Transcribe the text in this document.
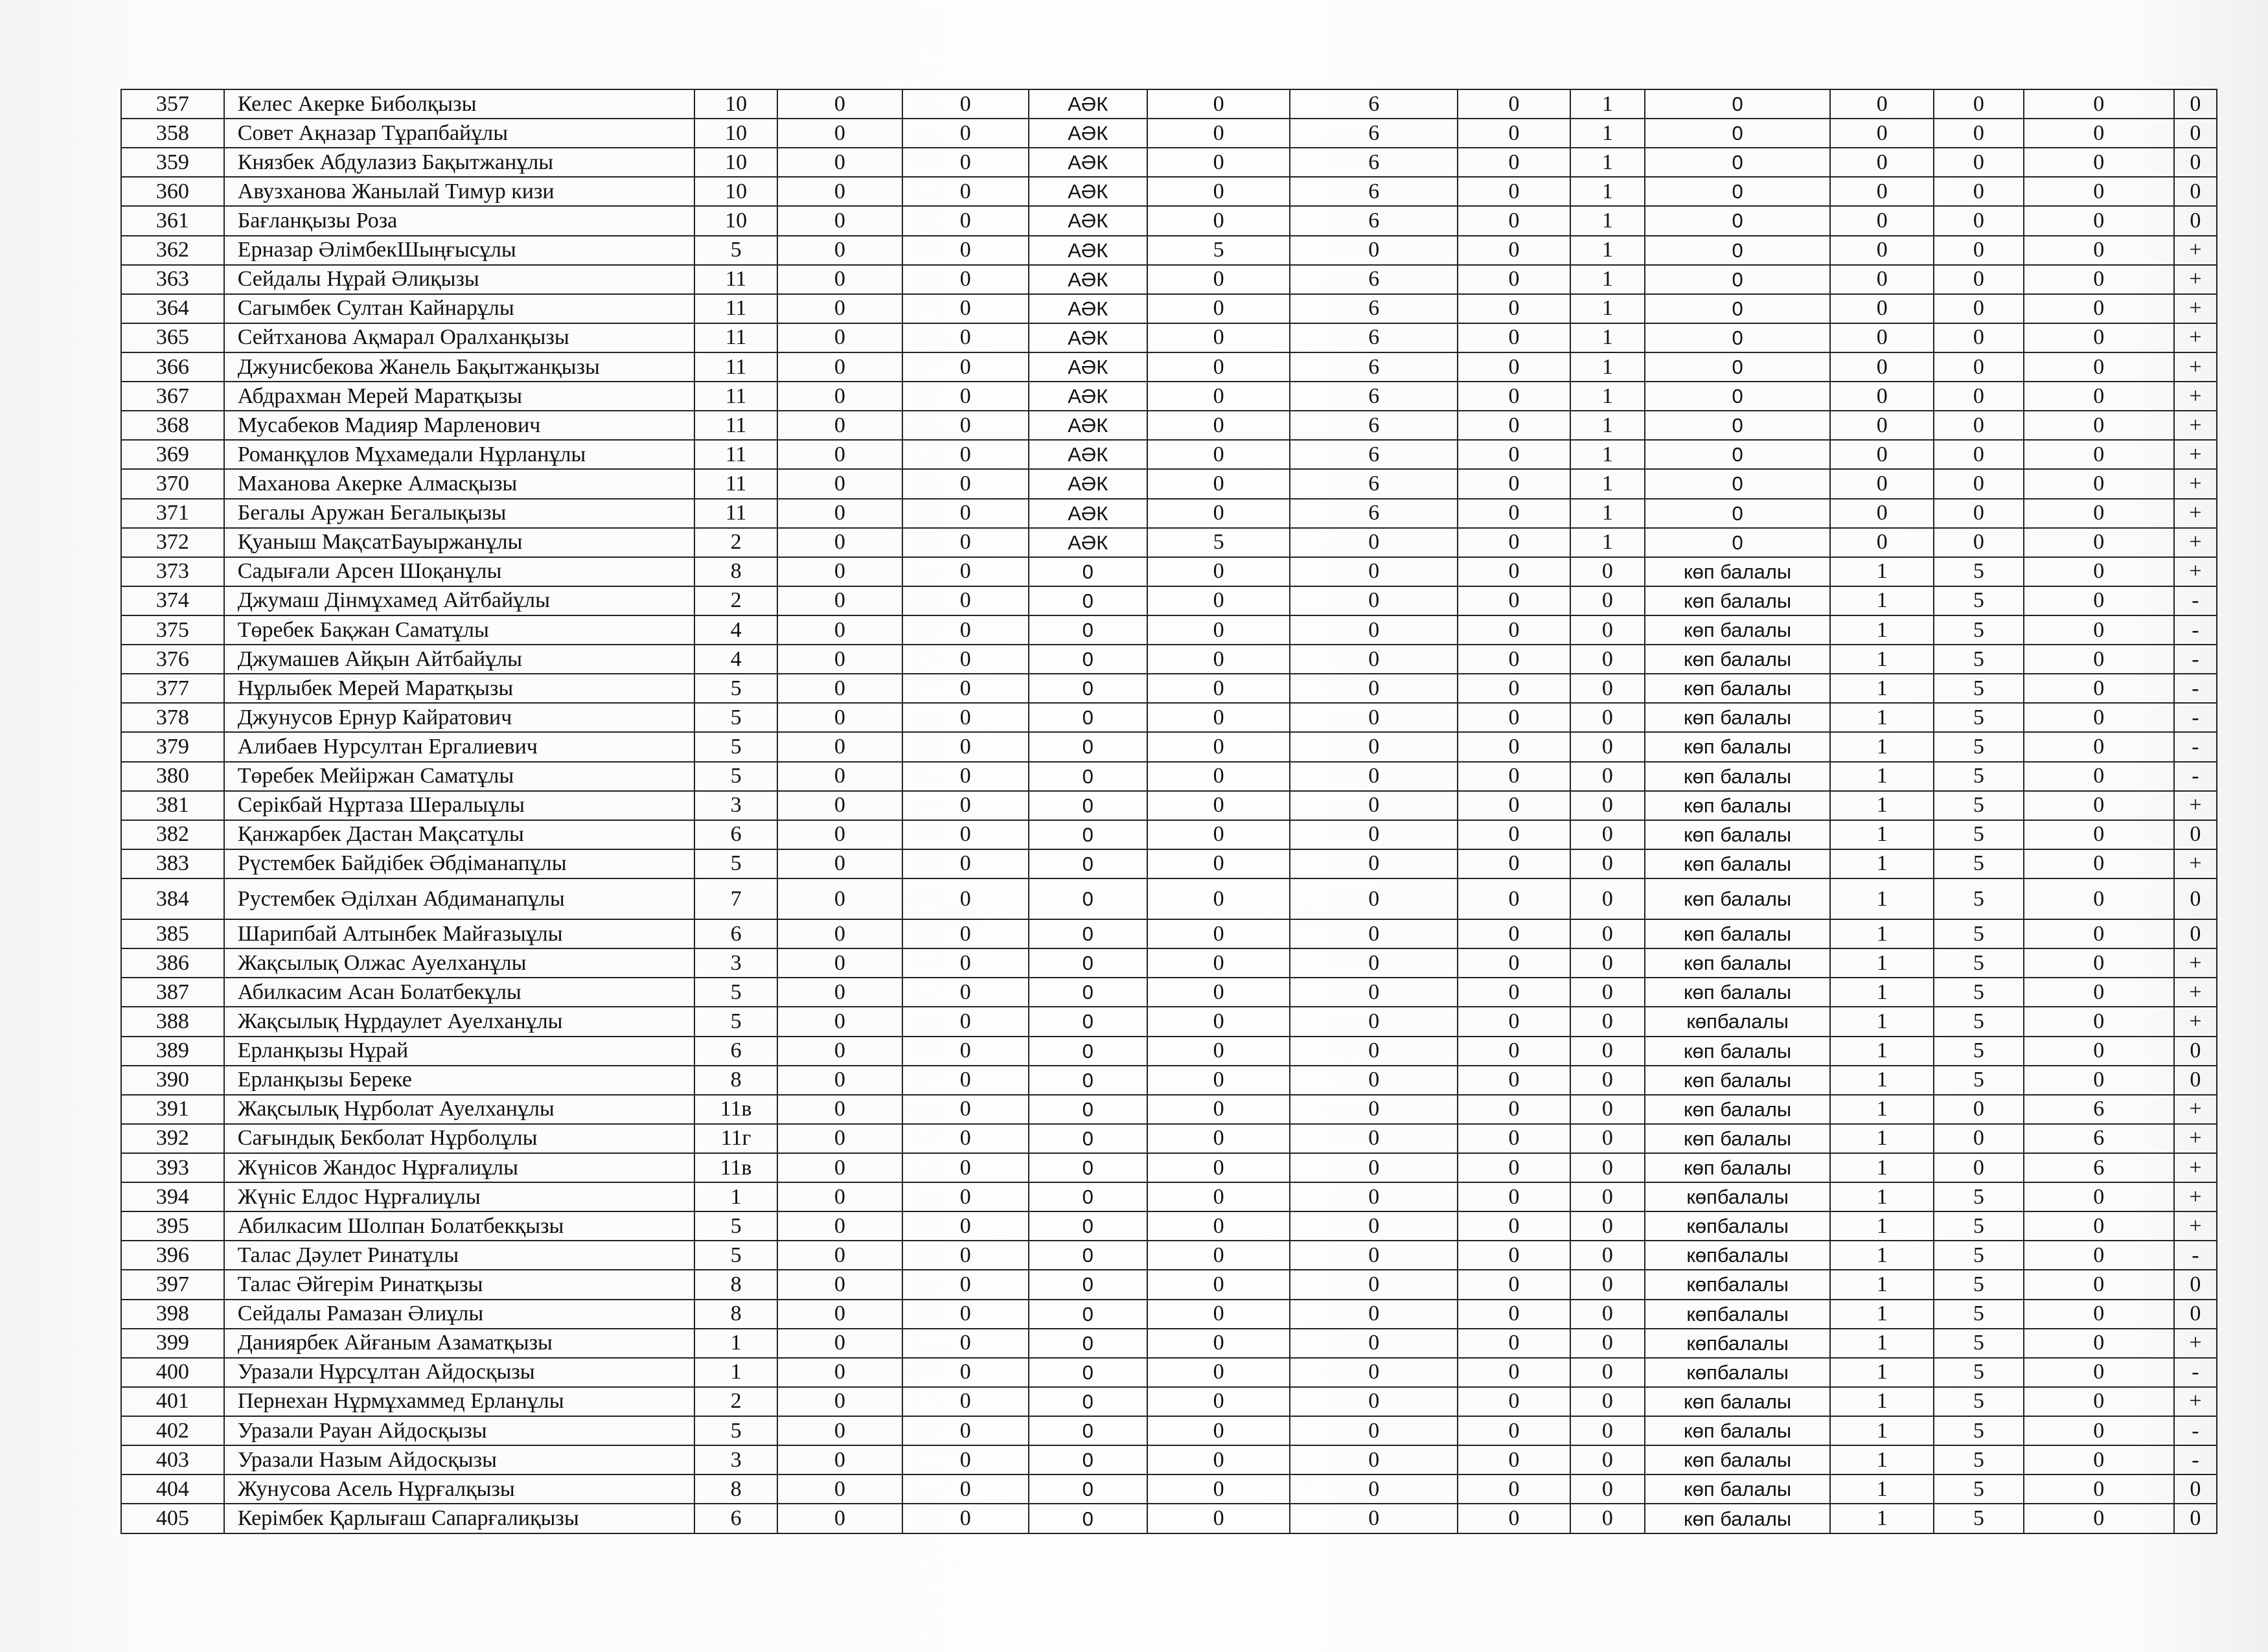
357	Келес Акерке Биболқызы	10	0	0	АӘК	0	6	0	1	0	0	0	0	0
358	Совет Ақназар Тұрапбайұлы	10	0	0	АӘК	0	6	0	1	0	0	0	0	0
359	Князбек Абдулазиз Бақытжанұлы	10	0	0	АӘК	0	6	0	1	0	0	0	0	0
360	Авузханова Жанылай Тимур кизи	10	0	0	АӘК	0	6	0	1	0	0	0	0	0
361	Бағланқызы Роза	10	0	0	АӘК	0	6	0	1	0	0	0	0	0
362	Ерназар ӘлімбекШыңғысұлы	5	0	0	АӘК	5	0	0	1	0	0	0	0	+
363	Сейдалы Нұрай Әлиқызы	11	0	0	АӘК	0	6	0	1	0	0	0	0	+
364	Сагымбек Султан Кайнарұлы	11	0	0	АӘК	0	6	0	1	0	0	0	0	+
365	Сейтханова Ақмарал Оралханқызы	11	0	0	АӘК	0	6	0	1	0	0	0	0	+
366	Джунисбекова Жанель Бақытжанқызы	11	0	0	АӘК	0	6	0	1	0	0	0	0	+
367	Абдрахман Мерей Маратқызы	11	0	0	АӘК	0	6	0	1	0	0	0	0	+
368	Мусабеков Мадияр Марленович	11	0	0	АӘК	0	6	0	1	0	0	0	0	+
369	Романқұлов Мұхамедали Нұрланұлы	11	0	0	АӘК	0	6	0	1	0	0	0	0	+
370	Маханова Акерке Алмасқызы	11	0	0	АӘК	0	6	0	1	0	0	0	0	+
371	Бегалы Аружан Бегалықызы	11	0	0	АӘК	0	6	0	1	0	0	0	0	+
372	Қуаныш МақсатБауыржанұлы	2	0	0	АӘК	5	0	0	1	0	0	0	0	+
373	Садығали Арсен Шоқанұлы	8	0	0	0	0	0	0	0	көп балалы	1	5	0	+
374	Джумаш Дінмұхамед Айтбайұлы	2	0	0	0	0	0	0	0	көп балалы	1	5	0	-
375	Төребек Бақжан Саматұлы	4	0	0	0	0	0	0	0	көп балалы	1	5	0	-
376	Джумашев Айқын Айтбайұлы	4	0	0	0	0	0	0	0	көп балалы	1	5	0	-
377	Нұрлыбек Мерей Маратқызы	5	0	0	0	0	0	0	0	көп балалы	1	5	0	-
378	Джунусов Ернур Кайратович	5	0	0	0	0	0	0	0	көп балалы	1	5	0	-
379	Алибаев Нурсултан Ергалиевич	5	0	0	0	0	0	0	0	көп балалы	1	5	0	-
380	Төребек Мейіржан Саматұлы	5	0	0	0	0	0	0	0	көп балалы	1	5	0	-
381	Серікбай Нұртаза Шералыұлы	3	0	0	0	0	0	0	0	көп балалы	1	5	0	+
382	Қанжарбек Дастан Мақсатұлы	6	0	0	0	0	0	0	0	көп балалы	1	5	0	0
383	Рүстембек Байдібек Әбдіманапұлы	5	0	0	0	0	0	0	0	көп балалы	1	5	0	+
384	Рустембек Әділхан Абдиманапұлы	7	0	0	0	0	0	0	0	көп балалы	1	5	0	0
385	Шарипбай Алтынбек Майғазыұлы	6	0	0	0	0	0	0	0	көп балалы	1	5	0	0
386	Жақсылық Олжас Ауелханұлы	3	0	0	0	0	0	0	0	көп балалы	1	5	0	+
387	Абилкасим Асан Болатбекұлы	5	0	0	0	0	0	0	0	көп балалы	1	5	0	+
388	Жақсылық Нұрдаулет Ауелханұлы	5	0	0	0	0	0	0	0	көпбалалы	1	5	0	+
389	Ерланқызы Нұрай	6	0	0	0	0	0	0	0	көп балалы	1	5	0	0
390	Ерланқызы Береке	8	0	0	0	0	0	0	0	көп балалы	1	5	0	0
391	Жақсылық Нұрболат Ауелханұлы	11в	0	0	0	0	0	0	0	көп балалы	1	0	6	+
392	Сағындық Бекболат Нұрболұлы	11г	0	0	0	0	0	0	0	көп балалы	1	0	6	+
393	Жүнісов Жандос Нұрғалиұлы	11в	0	0	0	0	0	0	0	көп балалы	1	0	6	+
394	Жүніс Елдос Нұрғалиұлы	1	0	0	0	0	0	0	0	көпбалалы	1	5	0	+
395	Абилкасим Шолпан Болатбекқызы	5	0	0	0	0	0	0	0	көпбалалы	1	5	0	+
396	Талас Дәулет Ринатұлы	5	0	0	0	0	0	0	0	көпбалалы	1	5	0	-
397	Талас Әйгерім Ринатқызы	8	0	0	0	0	0	0	0	көпбалалы	1	5	0	0
398	Сейдалы Рамазан Әлиұлы	8	0	0	0	0	0	0	0	көпбалалы	1	5	0	0
399	Даниярбек Айғаным Азаматқызы	1	0	0	0	0	0	0	0	көпбалалы	1	5	0	+
400	Уразали Нұрсұлтан Айдосқызы	1	0	0	0	0	0	0	0	көпбалалы	1	5	0	-
401	Пернехан Нұрмұхаммед Ерланұлы	2	0	0	0	0	0	0	0	көп балалы	1	5	0	+
402	Уразали Рауан Айдосқызы	5	0	0	0	0	0	0	0	көп балалы	1	5	0	-
403	Уразали Назым Айдосқызы	3	0	0	0	0	0	0	0	көп балалы	1	5	0	-
404	Жунусова Асель Нұрғалқызы	8	0	0	0	0	0	0	0	көп балалы	1	5	0	0
405	Керімбек Қарлығаш Сапарғалиқызы	6	0	0	0	0	0	0	0	көп балалы	1	5	0	0
